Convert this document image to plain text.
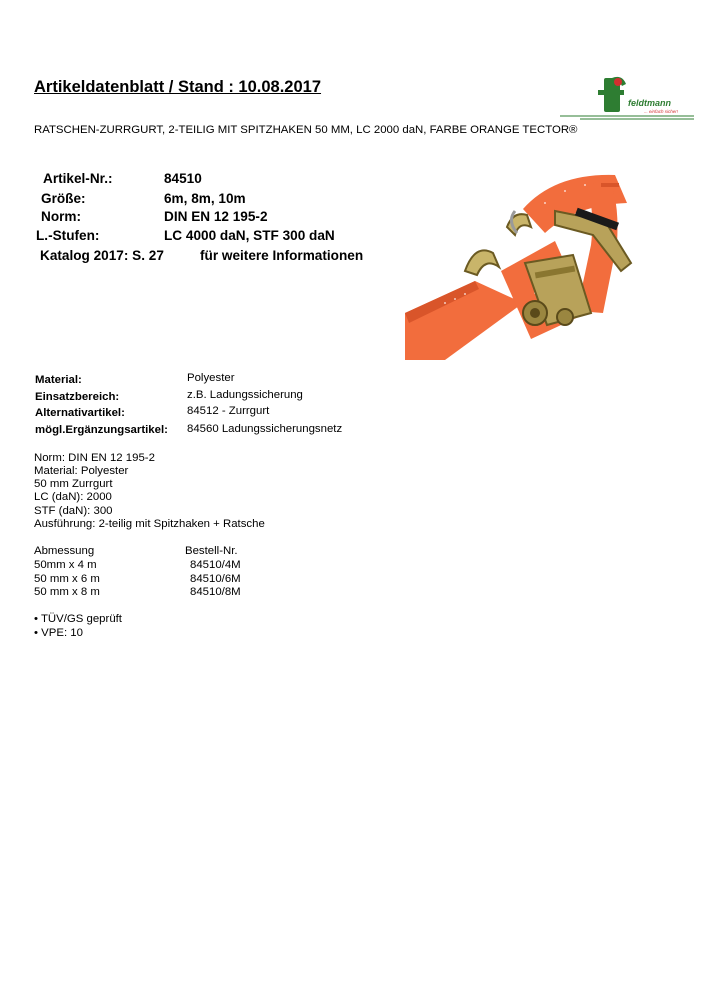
Artikeldatenblatt / Stand : 10.08.2017
feldtmann
... einfach sicher!
RATSCHEN-ZURRGURT, 2-TEILIG MIT SPITZHAKEN 50 MM, LC 2000 daN, FARBE ORANGE TECTOR®
Artikel-Nr.:	84510
Größe:	6m, 8m, 10m
Norm:	DIN EN 12 195-2
L.-Stufen:	LC 4000 daN, STF 300 daN
Katalog 2017: S. 27	für weitere Informationen
Material:	Polyester
Einsatzbereich:	z.B. Ladungssicherung
Alternativartikel:	84512 - Zurrgurt
mögl.Ergänzungsartikel: 84560 Ladungssicherungsnetz
Norm: DIN EN 12 195-2
Material: Polyester
50 mm Zurrgurt
LC (daN): 2000
STF (daN): 300
Ausführung: 2-teilig mit Spitzhaken + Ratsche
Abmessung	Bestell-Nr.
50mm x 4 m	84510/4M
50 mm x 6 m	84510/6M
50 mm x 8 m	84510/8M
• TÜV/GS geprüft
• VPE: 10
